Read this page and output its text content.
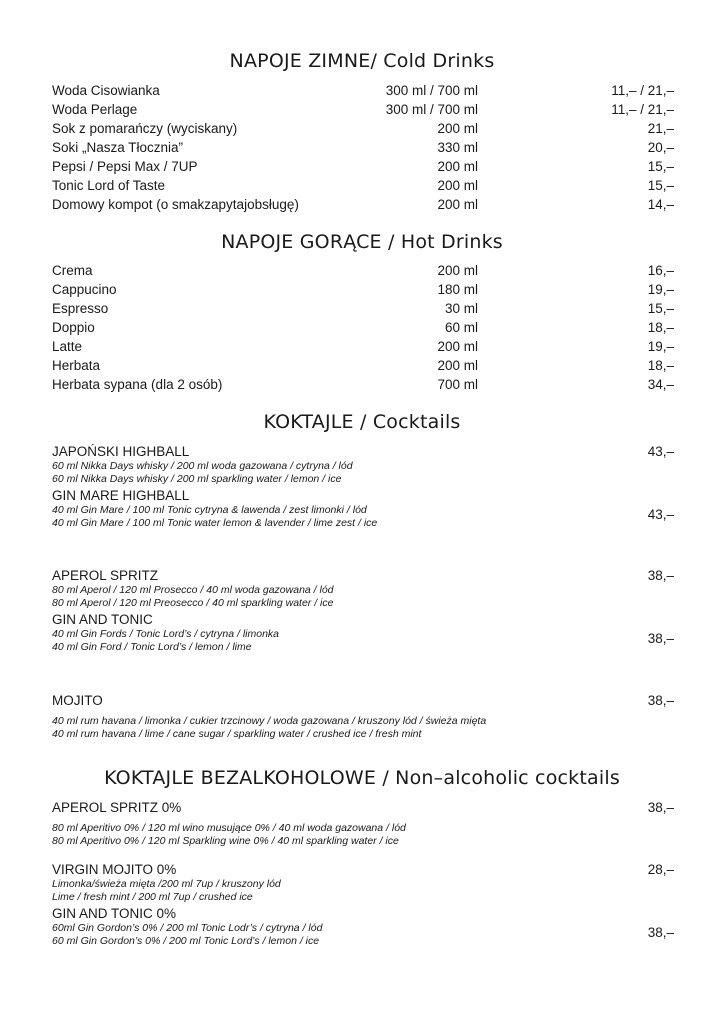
NAPOJE ZIMNE/ Cold Drinks
Woda Cisowianka	300 ml / 700 ml	11,– / 21,–
Woda Perlage	300 ml / 700 ml	11,– / 21,–
Sok z pomarańczy (wyciskany)	200 ml	21,–
Soki „Nasza Tłocznia”	330 ml	20,–
Pepsi / Pepsi Max / 7UP	200 ml	15,–
Tonic Lord of Taste	200 ml	15,–
Domowy kompot (o smakzapytajobsługę)	200 ml	14,–
NAPOJE GORĄCE / Hot Drinks
Crema	200 ml	16,–
Cappucino	180 ml	19,–
Espresso	30 ml	15,–
Doppio	60 ml	18,–
Latte	200 ml	19,–
Herbata	200 ml	18,–
Herbata sypana (dla 2 osób)	700 ml	34,–
KOKTAJLE / Cocktails
JAPOŃSKI HIGHBALL
60 ml Nikka Days whisky / 200 ml woda gazowana / cytryna / lód
60 ml Nikka Days whisky / 200 ml sparkling water / lemon / ice
43,–
GIN MARE HIGHBALL
40 ml Gin Mare / 100 ml Tonic cytryna & lawenda / zest limonki / lód
40 ml Gin Mare / 100 ml Tonic water lemon & lavender / lime zest / ice
43,–
APEROL SPRITZ
80 ml Aperol / 120 ml Prosecco / 40 ml woda gazowana / lód
80 ml Aperol / 120 ml Preosecco / 40 ml sparkling water / ice
38,–
GIN AND TONIC
40 ml Gin Fords / Tonic Lord’s / cytryna / limonka
40 ml Gin Ford / Tonic Lord’s / lemon / lime
38,–
MOJITO
40 ml rum havana / limonka / cukier trzcinowy / woda gazowana / kruszony lód / świeża mięta
40 ml rum havana / lime / cane sugar / sparkling water / crushed ice / fresh mint
38,–
KOKTAJLE BEZALKOHOLOWE / Non–alcoholic cocktails
APEROL SPRITZ 0%
80 ml Aperitivo 0% / 120 ml wino musujące 0% / 40 ml woda gazowana / lód
80 ml Aperitivo 0% / 120 ml Sparkling wine 0% / 40 ml sparkling water / ice
38,–
VIRGIN MOJITO 0%
Limonka/świeża mięta /200 ml 7up / kruszony lód
Lime / fresh mint / 200 ml 7up / crushed ice
28,–
GIN AND TONIC 0%
60ml Gin Gordon’s 0% / 200 ml Tonic Lodr’s / cytryna / lód
60 ml Gin Gordon’s 0% / 200 ml Tonic Lord’s / lemon / ice
38,–
